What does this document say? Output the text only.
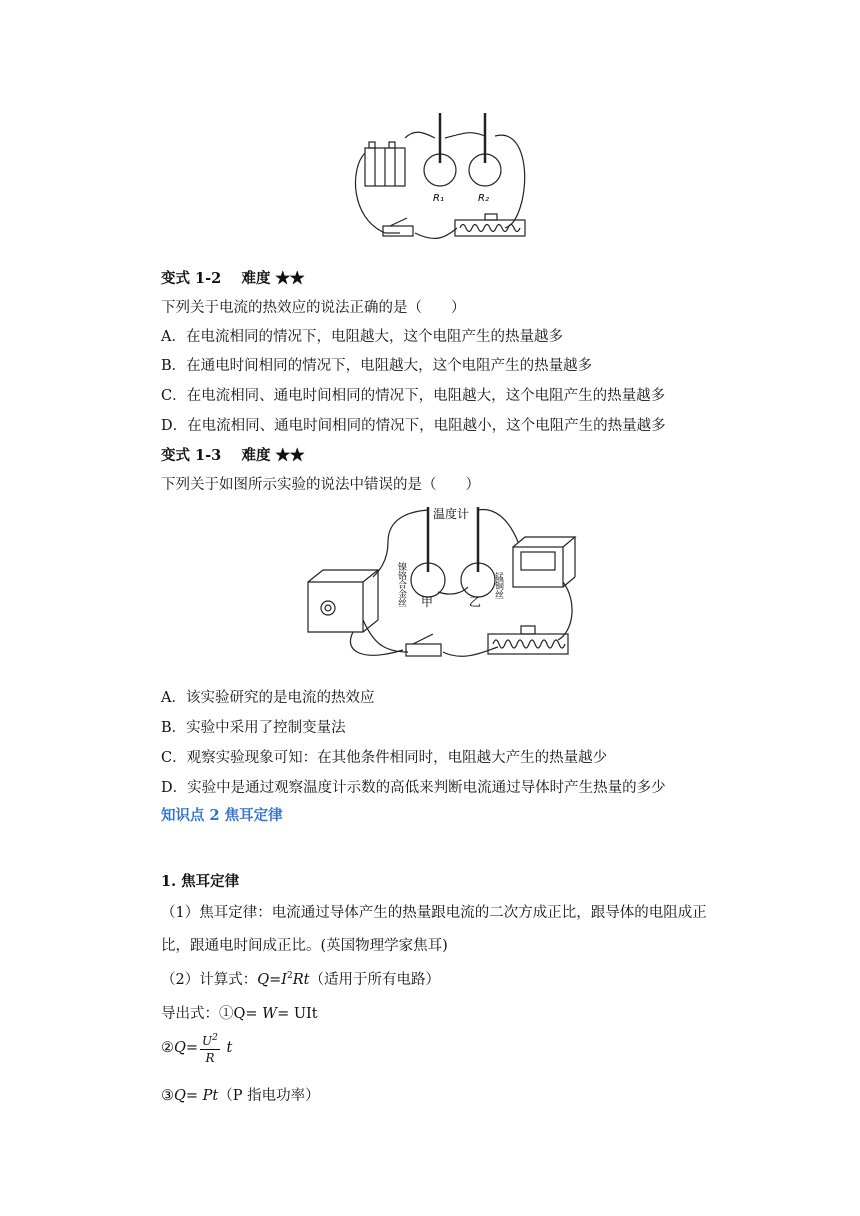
R₁	R₂
变式 1-2 难度 ★★
下列关于电流的热效应的说法正确的是（　　）
A．在电流相同的情况下，电阻越大，这个电阻产生的热量越多
B．在通电时间相同的情况下，电阻越大，这个电阻产生的热量越多
C．在电流相同、通电时间相同的情况下，电阻越大，这个电阻产生的热量越多
D．在电流相同、通电时间相同的情况下，电阻越小，这个电阻产生的热量越多
变式 1-3 难度 ★★
下列关于如图所示实验的说法中错误的是（　　）
温度计
镍铬合金丝	锰铜丝
甲	乙
A．该实验研究的是电流的热效应
B．实验中采用了控制变量法
C．观察实验现象可知：在其他条件相同时，电阻越大产生的热量越少
D．实验中是通过观察温度计示数的高低来判断电流通过导体时产生热量的多少
知识点 2 焦耳定律
1. 焦耳定律
（1）焦耳定律：电流通过导体产生的热量跟电流的二次方成正比，跟导体的电阻成正
比，跟通电时间成正比。(英国物理学家焦耳)
（2）计算式：$Q=I^2Rt$（适用于所有电路）
导出式：①Q= W= UIt
②Q= $\frac{U^2}{R}$ t
③Q= Pt（P 指电功率）
